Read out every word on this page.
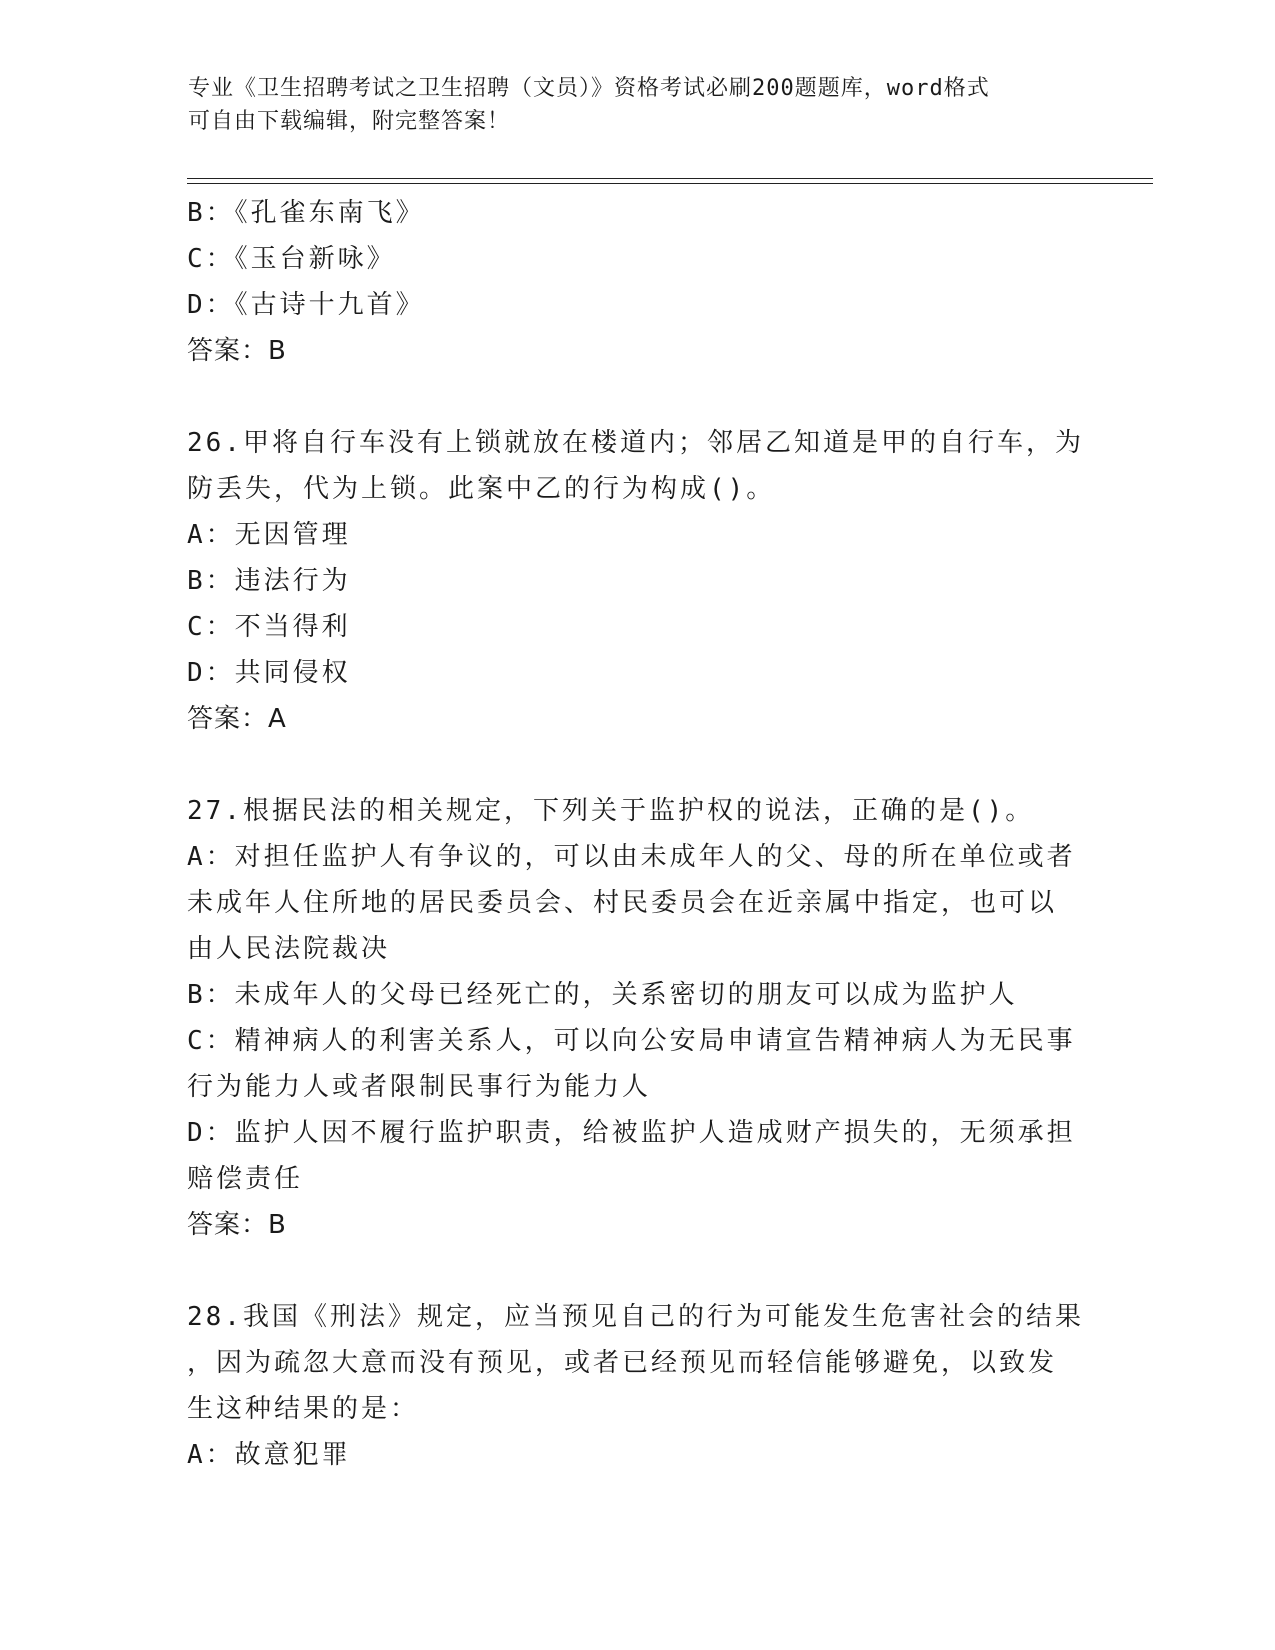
专业《卫生招聘考试之卫生招聘（文员）》资格考试必刷200题题库，word格式
可自由下载编辑，附完整答案！
B：《孔雀东南飞》
C：《玉台新咏》
D：《古诗十九首》
答案：B
26.甲将自行车没有上锁就放在楼道内；邻居乙知道是甲的自行车，为
防丢失，代为上锁。此案中乙的行为构成()。
A：无因管理
B：违法行为
C：不当得利
D：共同侵权
答案：A
27.根据民法的相关规定，下列关于监护权的说法，正确的是()。
A：对担任监护人有争议的，可以由未成年人的父、母的所在单位或者
未成年人住所地的居民委员会、村民委员会在近亲属中指定，也可以
由人民法院裁决
B：未成年人的父母已经死亡的，关系密切的朋友可以成为监护人
C：精神病人的利害关系人，可以向公安局申请宣告精神病人为无民事
行为能力人或者限制民事行为能力人
D：监护人因不履行监护职责，给被监护人造成财产损失的，无须承担
赔偿责任
答案：B
28.我国《刑法》规定，应当预见自己的行为可能发生危害社会的结果
，因为疏忽大意而没有预见，或者已经预见而轻信能够避免，以致发
生这种结果的是：
A：故意犯罪
